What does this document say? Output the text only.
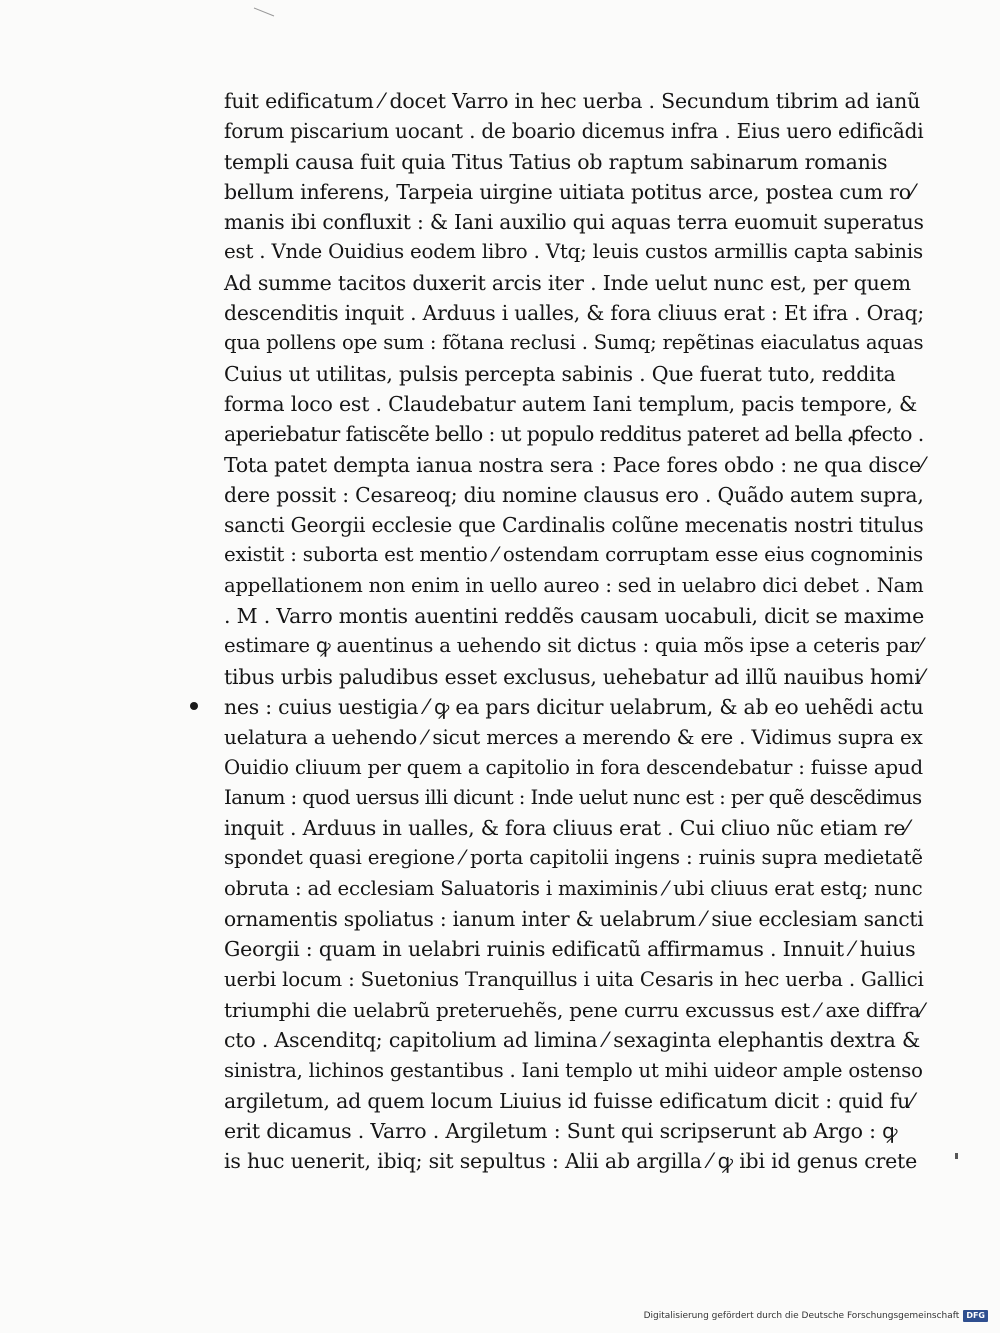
fuit edificatum ⁄ docet Varro in hec uerba . Secundum tibrim ad ianũ
forum piscarium uocant . de boario dicemus infra . Eius uero edificãdi
templi causa fuit quia Titus Tatius ob raptum sabinarum romanis
bellum inferens, Tarpeia uirgine uitiata potitus arce, postea cum ro⁄
manis ibi confluxit : & Iani auxilio qui aquas terra euomuit superatus
est . Vnde Ouidius eodem libro . Vtq; leuis custos armillis capta sabinis
Ad summe tacitos duxerit arcis iter . Inde uelut nunc est, per quem
descenditis inquit . Arduus i ualles, & fora cliuus erat : Et ifra . Oraq;
qua pollens ope sum : fõtana reclusi . Sumq; repẽtinas eiaculatus aquas
Cuius ut utilitas, pulsis percepta sabinis . Que fuerat tuto, reddita
forma loco est . Claudebatur autem Iani templum, pacis tempore, &
aperiebatur fatiscẽte bello : ut populo redditus pateret ad bella ꝓfecto .
Tota patet dempta ianua nostra sera : Pace fores obdo : ne qua disce⁄
dere possit : Cesareoq; diu nomine clausus ero . Quãdo autem supra,
sancti Georgii ecclesie que Cardinalis colũne mecenatis nostri titulus
existit : suborta est mentio ⁄ ostendam corruptam esse eius cognominis
appellationem non enim in uello aureo : sed in uelabro dici debet . Nam
. M . Varro montis auentini reddẽs causam uocabuli, dicit se maxime
estimare ꝙ auentinus a uehendo sit dictus : quia mõs ipse a ceteris par⁄
tibus urbis paludibus esset exclusus, uehebatur ad illũ nauibus homi⁄
nes : cuius uestigia ⁄ ꝙ ea pars dicitur uelabrum, & ab eo uehẽdi actu
uelatura a uehendo ⁄ sicut merces a merendo & ere . Vidimus supra ex
Ouidio cliuum per quem a capitolio in fora descendebatur : fuisse apud
Ianum : quod uersus illi dicunt : Inde uelut nunc est : per quẽ descẽdimus
inquit . Arduus in ualles, & fora cliuus erat . Cui cliuo nũc etiam re⁄
spondet quasi eregione ⁄ porta capitolii ingens : ruinis supra medietatẽ
obruta : ad ecclesiam Saluatoris i maximinis ⁄ ubi cliuus erat estq; nunc
ornamentis spoliatus : ianum inter & uelabrum ⁄ siue ecclesiam sancti
Georgii : quam in uelabri ruinis edificatũ affirmamus . Innuit ⁄ huius
uerbi locum : Suetonius Tranquillus i uita Cesaris in hec uerba . Gallici
triumphi die uelabrũ preteruehẽs, pene curru excussus est ⁄ axe diffra⁄
cto . Ascenditq; capitolium ad limina ⁄ sexaginta elephantis dextra &
sinistra, lichinos gestantibus . Iani templo ut mihi uideor ample ostenso
argiletum, ad quem locum Liuius id fuisse edificatum dicit : quid fu⁄
erit dicamus . Varro . Argiletum : Sunt qui scripserunt ab Argo : ꝙ
is huc uenerit, ibiq; sit sepultus : Alii ab argilla ⁄ ꝙ ibi id genus crete
Digitalisierung gefördert durch die Deutsche Forschungsgemeinschaft DFG
